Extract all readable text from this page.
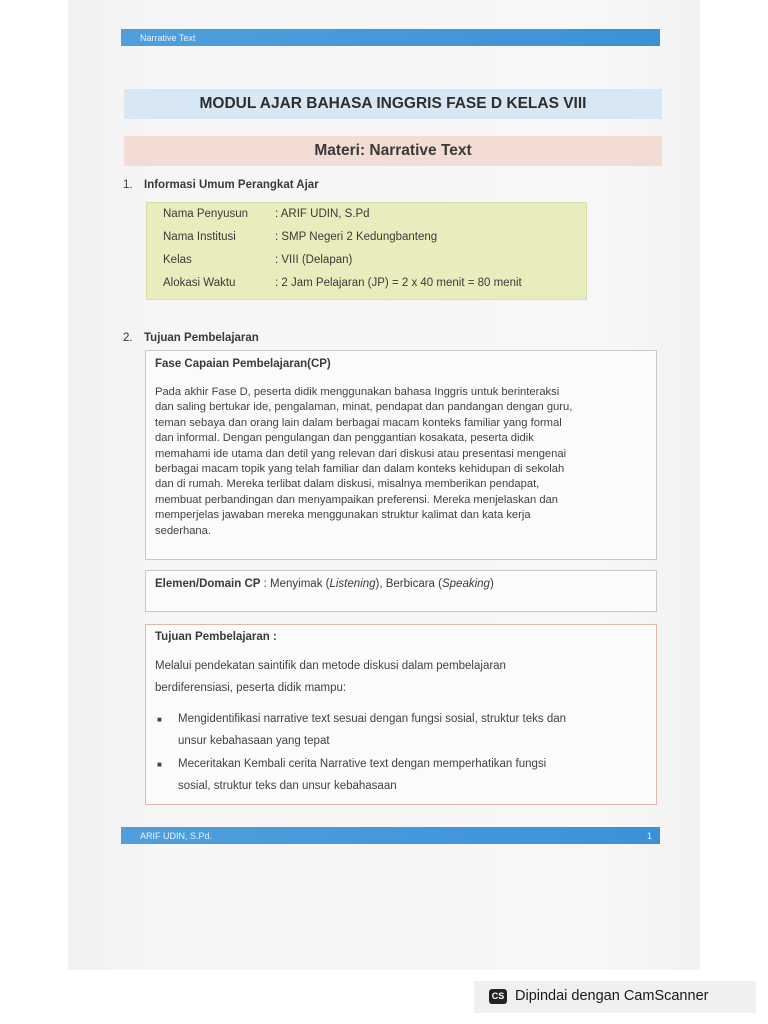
Narrative Text
MODUL AJAR BAHASA INGGRIS FASE D KELAS VIII
Materi: Narrative Text
1. Informasi Umum Perangkat Ajar
Nama Penyusun : ARIF UDIN, S.Pd
Nama Institusi	: SMP Negeri 2 Kedungbanteng
Kelas	: VIII (Delapan)
Alokasi Waktu	: 2 Jam Pelajaran (JP) = 2 x 40 menit = 80 menit
2. Tujuan Pembelajaran
Fase Capaian Pembelajaran(CP)
Pada akhir Fase D, peserta didik menggunakan bahasa Inggris untuk berinteraksi
dan saling bertukar ide, pengalaman, minat, pendapat dan pandangan dengan guru,
teman sebaya dan orang lain dalam berbagai macam konteks familiar yang formal
dan informal. Dengan pengulangan dan penggantian kosakata, peserta didik
memahami ide utama dan detil yang relevan dari diskusi atau presentasi mengenai
berbagai macam topik yang telah familiar dan dalam konteks kehidupan di sekolah
dan di rumah. Mereka terlibat dalam diskusi, misalnya memberikan pendapat,
membuat perbandingan dan menyampaikan preferensi. Mereka menjelaskan dan
memperjelas jawaban mereka menggunakan struktur kalimat dan kata kerja
sederhana.
Elemen/Domain CP : Menyimak (Listening), Berbicara (Speaking)
Tujuan Pembelajaran :
Melalui pendekatan saintifik dan metode diskusi dalam pembelajaran
berdiferensiasi, peserta didik mampu:
■ Mengidentifikasi narrative text sesuai dengan fungsi sosial, struktur teks dan
unsur kebahasaan yang tepat
■ Meceritakan Kembali cerita Narrative text dengan memperhatikan fungsi
sosial, struktur teks dan unsur kebahasaan
ARIF UDIN, S.Pd.	1
CS Dipindai dengan CamScanner
